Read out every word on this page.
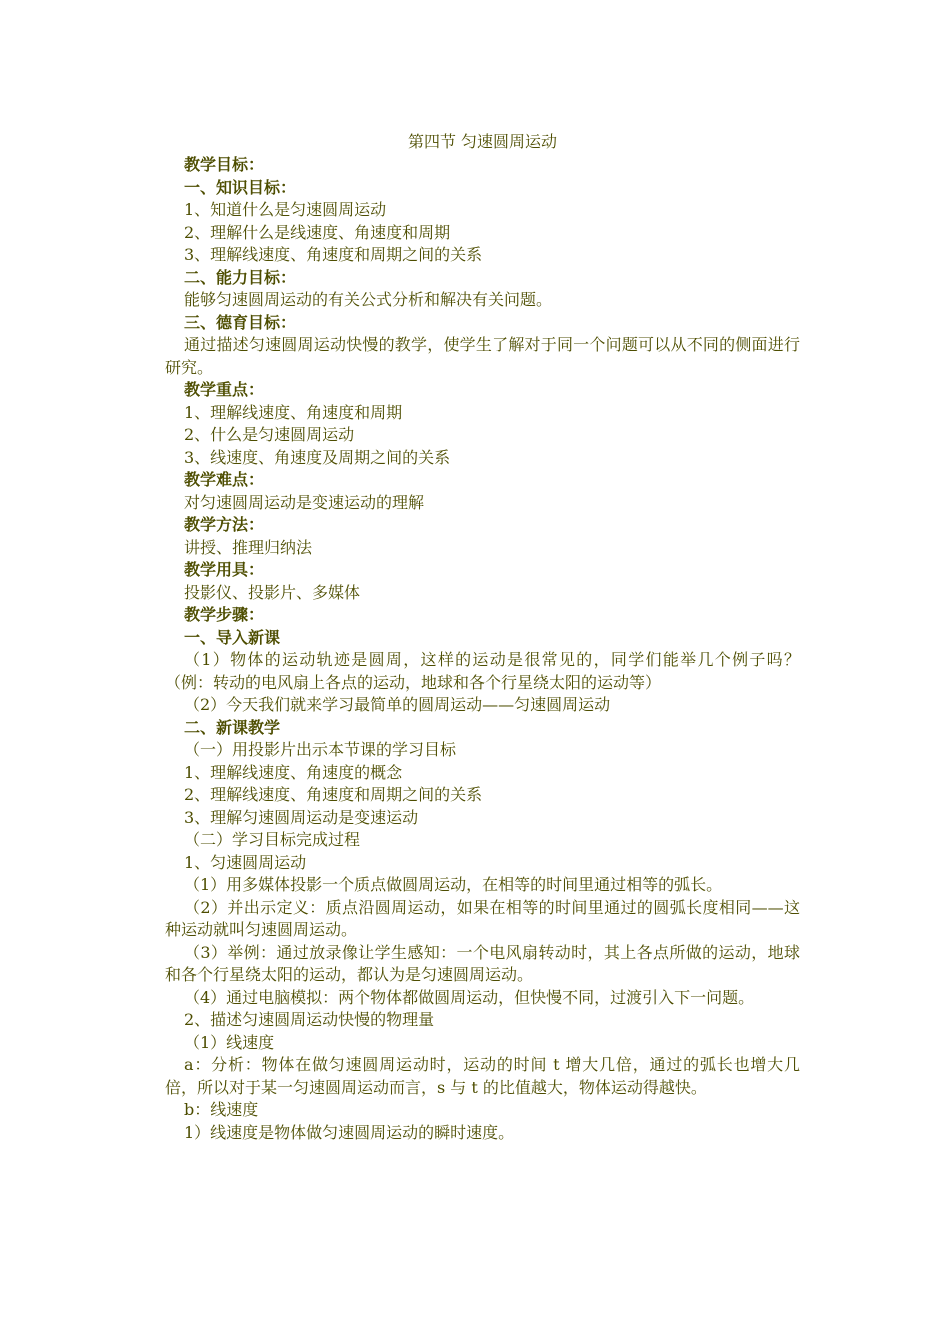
第四节 匀速圆周运动
教学目标：
一、知识目标：
1、知道什么是匀速圆周运动
2、理解什么是线速度、角速度和周期
3、理解线速度、角速度和周期之间的关系
二、能力目标：
能够匀速圆周运动的有关公式分析和解决有关问题。
三、德育目标：
通过描述匀速圆周运动快慢的教学，使学生了解对于同一个问题可以从不同的侧面进行研究。
教学重点：
1、理解线速度、角速度和周期
2、什么是匀速圆周运动
3、线速度、角速度及周期之间的关系
教学难点：
对匀速圆周运动是变速运动的理解
教学方法：
讲授、推理归纳法
教学用具：
投影仪、投影片、多媒体
教学步骤：
一、导入新课
（1）物体的运动轨迹是圆周，这样的运动是很常见的，同学们能举几个例子吗？（例：转动的电风扇上各点的运动，地球和各个行星绕太阳的运动等）
（2）今天我们就来学习最简单的圆周运动——匀速圆周运动
二、新课教学
（一）用投影片出示本节课的学习目标
1、理解线速度、角速度的概念
2、理解线速度、角速度和周期之间的关系
3、理解匀速圆周运动是变速运动
（二）学习目标完成过程
1、匀速圆周运动
（1）用多媒体投影一个质点做圆周运动，在相等的时间里通过相等的弧长。
（2）并出示定义：质点沿圆周运动，如果在相等的时间里通过的圆弧长度相同——这种运动就叫匀速圆周运动。
（3）举例：通过放录像让学生感知：一个电风扇转动时，其上各点所做的运动，地球和各个行星绕太阳的运动，都认为是匀速圆周运动。
（4）通过电脑模拟：两个物体都做圆周运动，但快慢不同，过渡引入下一问题。
2、描述匀速圆周运动快慢的物理量
（1）线速度
a：分析：物体在做匀速圆周运动时，运动的时间 t 增大几倍，通过的弧长也增大几倍，所以对于某一匀速圆周运动而言，s 与 t 的比值越大，物体运动得越快。
b：线速度
1）线速度是物体做匀速圆周运动的瞬时速度。
